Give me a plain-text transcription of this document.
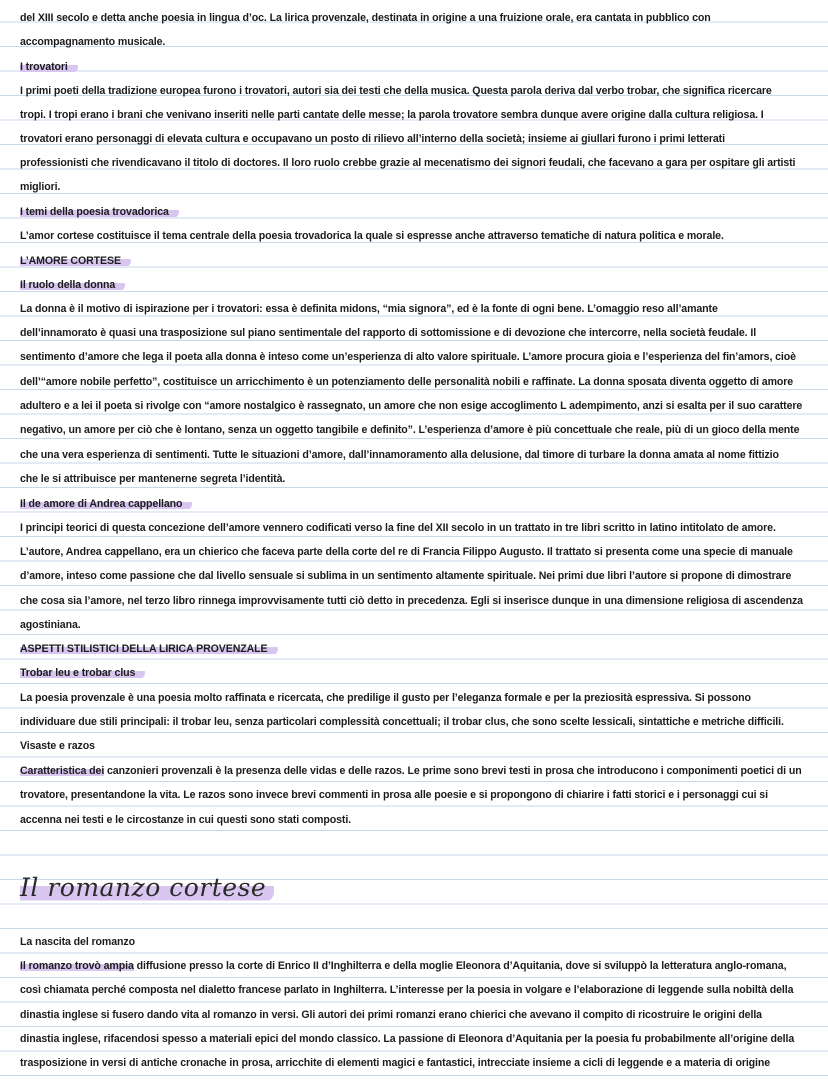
del XIII secolo e detta anche poesia in lingua d’oc. La lirica provenzale, destinata in origine a una fruizione orale, era cantata in pubblico con
accompagnamento musicale.
I trovatori
I primi poeti della tradizione europea furono i trovatori, autori sia dei testi che della musica. Questa parola deriva dal verbo trobar, che significa ricercare
tropi. I tropi erano i brani che venivano inseriti nelle parti cantate delle messe; la parola trovatore sembra dunque avere origine dalla cultura religiosa. I
trovatori erano personaggi di elevata cultura e occupavano un posto di rilievo all’interno della società; insieme ai giullari furono i primi letterati
professionisti che rivendicavano il titolo di doctores. Il loro ruolo crebbe grazie al mecenatismo dei signori feudali, che facevano a gara per ospitare gli artisti
migliori.
I temi della poesia trovadorica
L’amor cortese costituisce il tema centrale della poesia trovadorica la quale si espresse anche attraverso tematiche di natura politica e morale.
L’AMORE CORTESE
Il ruolo della donna
La donna è il motivo di ispirazione per i trovatori: essa è definita midons, “mia signora”, ed è la fonte di ogni bene. L’omaggio reso all’amante
dell’innamorato è quasi una trasposizione sul piano sentimentale del rapporto di sottomissione e di devozione che intercorre, nella società feudale. Il
sentimento d’amore che lega il poeta alla donna è inteso come un’esperienza di alto valore spirituale. L’amore procura gioia e l’esperienza del fin’amors, cioè
dell’“amore nobile perfetto”, costituisce un arricchimento è un potenziamento delle personalità nobili e raffinate. La donna sposata diventa oggetto di amore
adultero e a lei il poeta si rivolge con “amore nostalgico è rassegnato, un amore che non esige accoglimento L adempimento, anzi si esalta per il suo carattere
negativo, un amore per ciò che è lontano, senza un oggetto tangibile e definito”. L’esperienza d’amore è più concettuale che reale, più di un gioco della mente
che una vera esperienza di sentimenti. Tutte le situazioni d’amore, dall’innamoramento alla delusione, dal timore di turbare la donna amata al nome fittizio
che le si attribuisce per mantenerne segreta l’identità.
Il de amore di Andrea cappellano
I principi teorici di questa concezione dell’amore vennero codificati verso la fine del XII secolo in un trattato in tre libri scritto in latino intitolato de amore.
L’autore, Andrea cappellano, era un chierico che faceva parte della corte del re di Francia Filippo Augusto. Il trattato si presenta come una specie di manuale
d’amore, inteso come passione che dal livello sensuale si sublima in un sentimento altamente spirituale. Nei primi due libri l’autore si propone di dimostrare
che cosa sia l’amore, nel terzo libro rinnega improvvisamente tutti ciò detto in precedenza. Egli si inserisce dunque in una dimensione religiosa di ascendenza
agostiniana.
ASPETTI STILISTICI DELLA LIRICA PROVENZALE
Trobar leu e trobar clus
La poesia provenzale è una poesia molto raffinata e ricercata, che predilige il gusto per l’eleganza formale e per la preziosità espressiva. Si possono
individuare due stili principali: il trobar leu, senza particolari complessità concettuali; il trobar clus, che sono scelte lessicali, sintattiche e metriche difficili.
Visaste e razos
Caratteristica dei canzonieri provenzali è la presenza delle vidas e delle razos. Le prime sono brevi testi in prosa che introducono i componimenti poetici di un
trovatore, presentandone la vita. Le razos sono invece brevi commenti in prosa alle poesie e si propongono di chiarire i fatti storici e i personaggi cui si
accenna nei testi e le circostanze in cui questi sono stati composti.
La nascita del romanzo
Il romanzo trovò ampia diffusione presso la corte di Enrico II d’Inghilterra e della moglie Eleonora d’Aquitania, dove si sviluppò la letteratura anglo-romana,
così chiamata perché composta nel dialetto francese parlato in Inghilterra. L’interesse per la poesia in volgare e l’elaborazione di leggende sulla nobiltà della
dinastia inglese si fusero dando vita al romanzo in versi. Gli autori dei primi romanzi erano chierici che avevano il compito di ricostruire le origini della
dinastia inglese, rifacendosi spesso a materiali epici del mondo classico. La passione di Eleonora d’Aquitania per la poesia fu probabilmente all’origine della
trasposizione in versi di antiche cronache in prosa, arricchite di elementi magici e fantastici, intrecciate insieme a cicli di leggende e a materia di origine
Il romanzo cortese
